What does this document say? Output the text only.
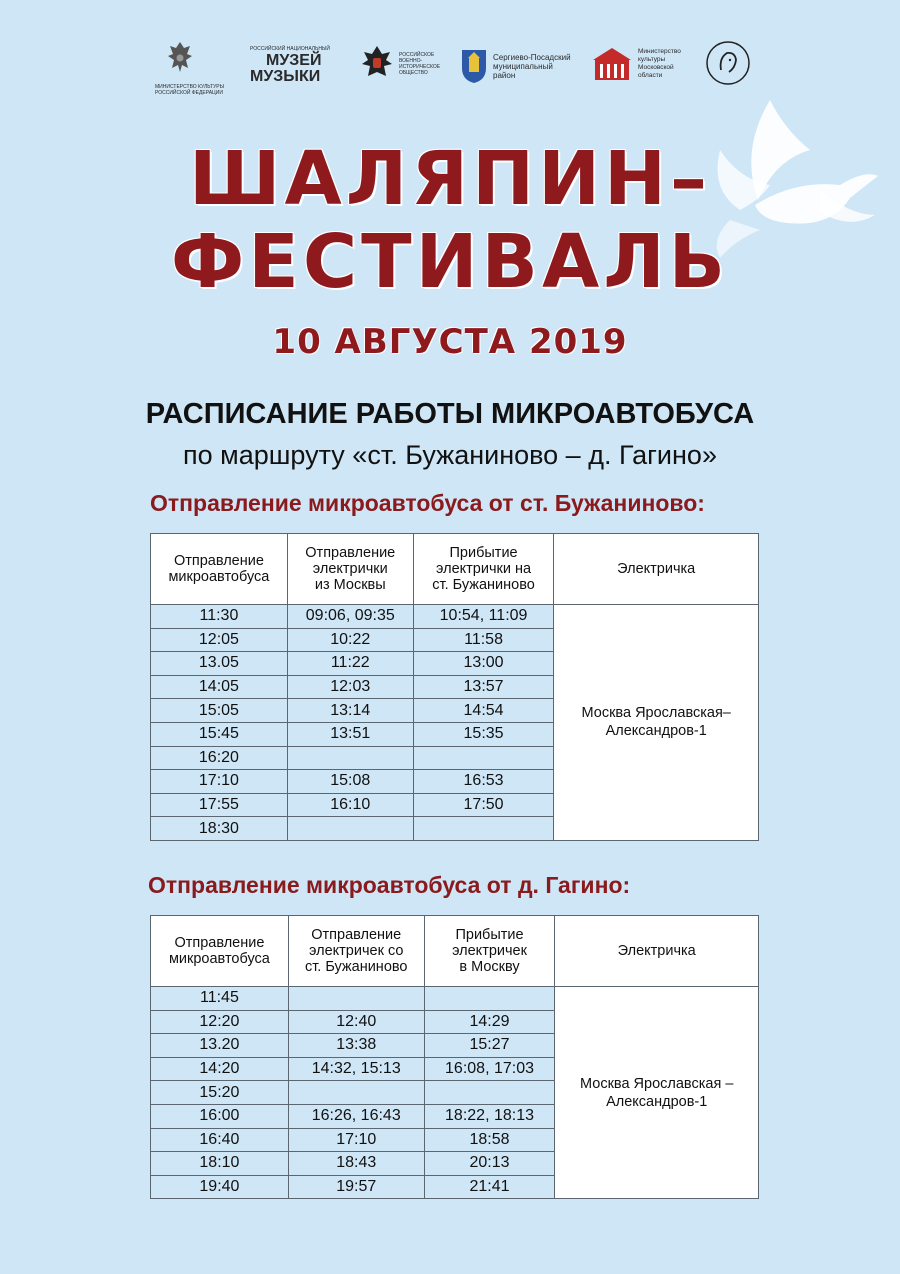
МИНИСТЕРСТВО КУЛЬТУРЫ
РОССИЙСКОЙ ФЕДЕРАЦИИ
РОССИЙСКИЙ НАЦИОНАЛЬНЫЙ
МУЗЕЙ
МУЗЫКИ
РОССИЙСКОЕ
ВОЕННО-
ИСТОРИЧЕСКОЕ
ОБЩЕСТВО
Сергиево-Посадский
муниципальный
район
Министерство
культуры
Московской
области
ШАЛЯПИН–
ФЕСТИВАЛЬ
10 АВГУСТА 2019
РАСПИСАНИЕ РАБОТЫ МИКРОАВТОБУСА
по маршруту «ст. Бужаниново – д. Гагино»
Отправление микроавтобуса от ст. Бужаниново:
Отправление
микроавтобуса	Отправление
электрички
из Москвы	Прибытие
электрички на
ст. Бужаниново	Электричка
11:30	09:06, 09:35	10:54, 11:09	Москва Ярославская–
Александров-1
12:05	10:22	11:58	
13.05	11:22	13:00	
14:05	12:03	13:57	
15:05	13:14	14:54	
15:45	13:51	15:35	
16:20			
17:10	15:08	16:53	
17:55	16:10	17:50	
18:30			
Отправление микроавтобуса от д. Гагино:
Отправление
микроавтобуса	Отправление
электричек со
ст. Бужаниново	Прибытие
электричек
в Москву	Электричка
11:45			Москва Ярославская –
Александров-1
12:20	12:40	14:29	
13.20	13:38	15:27	
14:20	14:32, 15:13	16:08, 17:03	
15:20			
16:00	16:26, 16:43	18:22, 18:13	
16:40	17:10	18:58	
18:10	18:43	20:13	
19:40	19:57	21:41	
